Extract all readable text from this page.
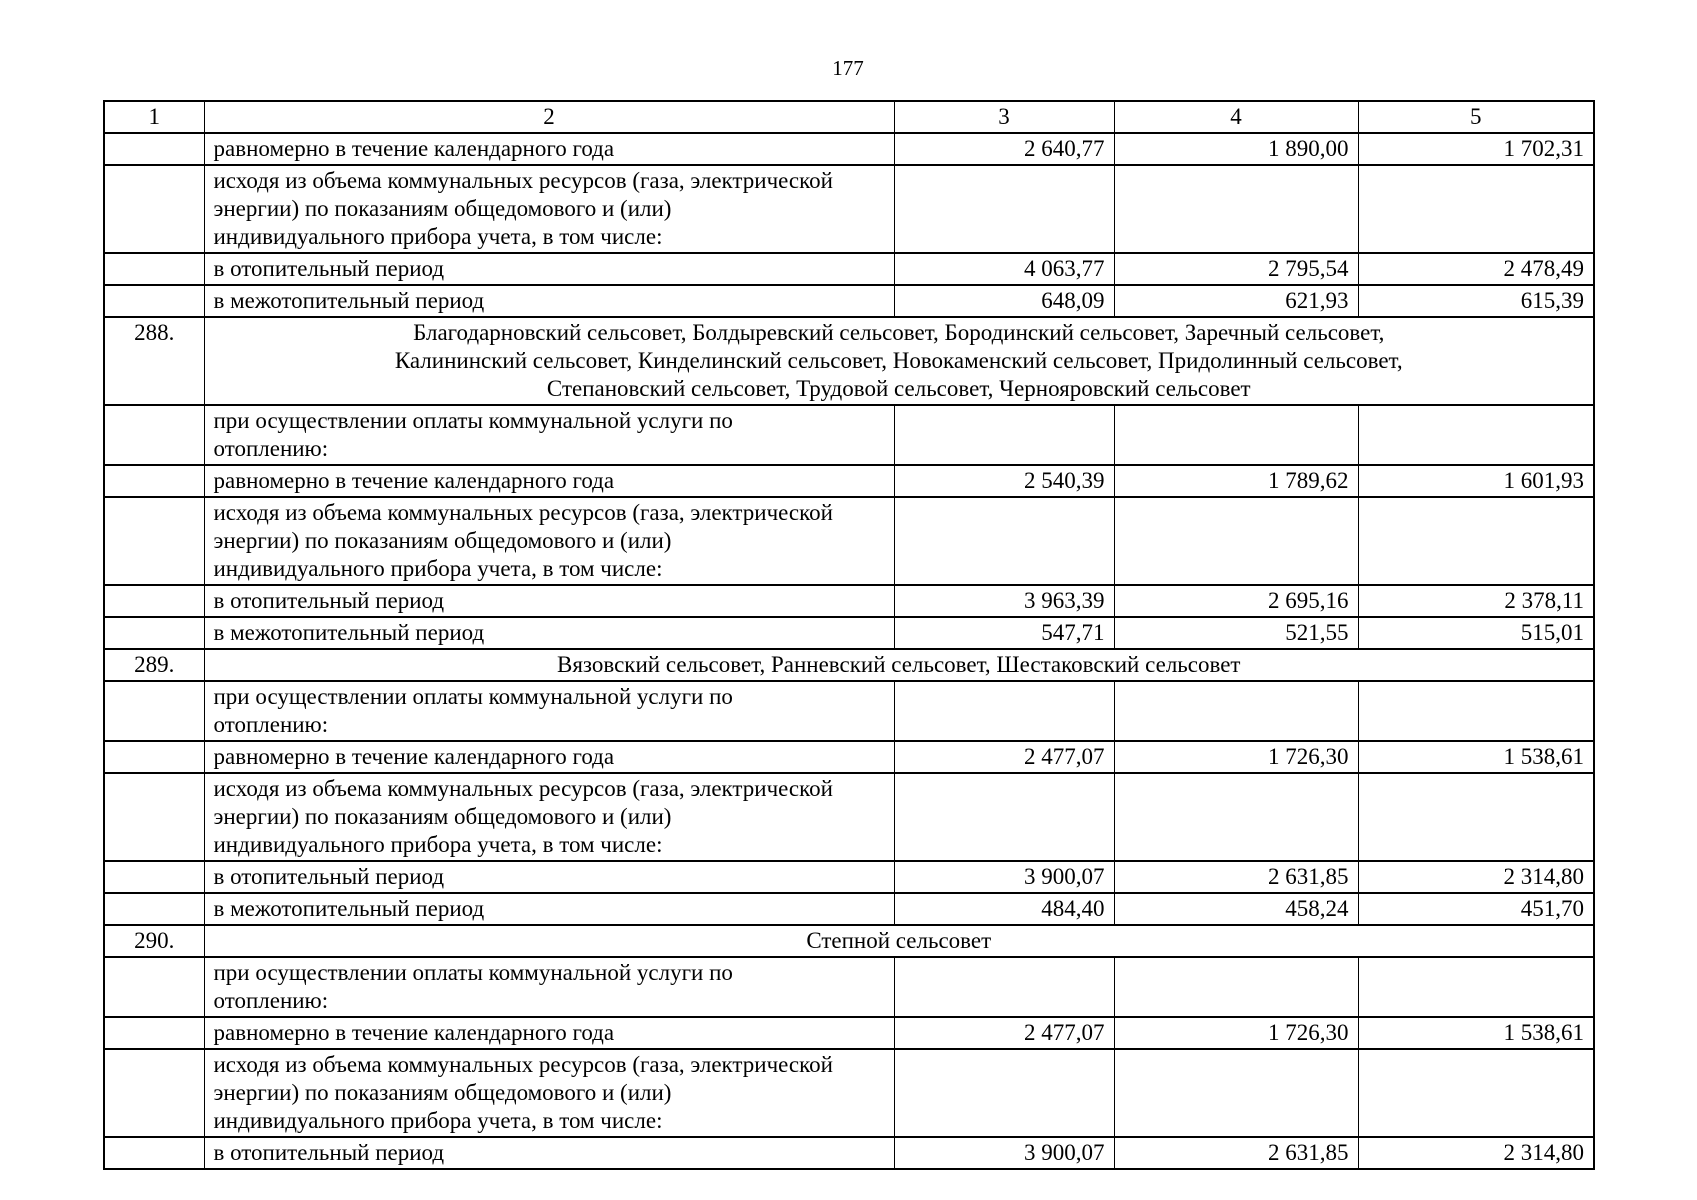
177
1	2	3	4	5
	равномерно в течение календарного года	2 640,77	1 890,00	1 702,31
	исходя из объема коммунальных ресурсов (газа, электрической
энергии) по показаниям общедомового и (или)
индивидуального прибора учета, в том числе:			
	в отопительный период	4 063,77	2 795,54	2 478,49
	в межотопительный период	648,09	621,93	615,39
288.	Благодарновский сельсовет, Болдыревский сельсовет, Бородинский сельсовет, Заречный сельсовет,
Калининский сельсовет, Кинделинский сельсовет, Новокаменский сельсовет, Придолинный сельсовет,
Степановский сельсовет, Трудовой сельсовет, Чернояровский сельсовет			
	при осуществлении оплаты коммунальной услуги по
отоплению:			
	равномерно в течение календарного года	2 540,39	1 789,62	1 601,93
	исходя из объема коммунальных ресурсов (газа, электрической
энергии) по показаниям общедомового и (или)
индивидуального прибора учета, в том числе:			
	в отопительный период	3 963,39	2 695,16	2 378,11
	в межотопительный период	547,71	521,55	515,01
289.	Вязовский сельсовет, Ранневский сельсовет, Шестаковский сельсовет			
	при осуществлении оплаты коммунальной услуги по
отоплению:			
	равномерно в течение календарного года	2 477,07	1 726,30	1 538,61
	исходя из объема коммунальных ресурсов (газа, электрической
энергии) по показаниям общедомового и (или)
индивидуального прибора учета, в том числе:			
	в отопительный период	3 900,07	2 631,85	2 314,80
	в межотопительный период	484,40	458,24	451,70
290.	Степной сельсовет			
	при осуществлении оплаты коммунальной услуги по
отоплению:			
	равномерно в течение календарного года	2 477,07	1 726,30	1 538,61
	исходя из объема коммунальных ресурсов (газа, электрической
энергии) по показаниям общедомового и (или)
индивидуального прибора учета, в том числе:			
	в отопительный период	3 900,07	2 631,85	2 314,80
